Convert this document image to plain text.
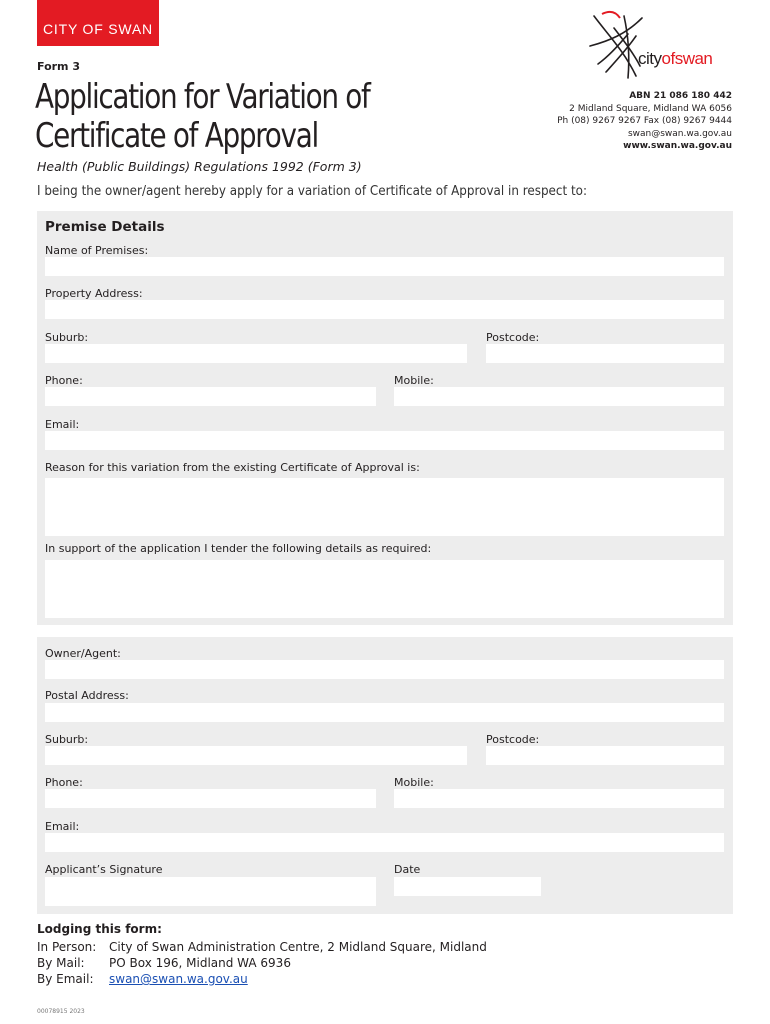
CITY OF SWAN
cityofswan
Form 3
Application for Variation of
Certificate of Approval
Health (Public Buildings) Regulations 1992 (Form 3)
I being the owner/agent hereby apply for a variation of Certificate of Approval in respect to:
ABN 21 086 180 442
2 Midland Square, Midland WA 6056
Ph (08) 9267 9267 Fax (08) 9267 9444
swan@swan.wa.gov.au
www.swan.wa.gov.au
Premise Details
Name of Premises:
Property Address:
Suburb:	Postcode:
Phone:	Mobile:
Email:
Reason for this variation from the existing Certificate of Approval is:
In support of the application I tender the following details as required:
Owner/Agent:
Postal Address:
Suburb:	Postcode:
Phone:	Mobile:
Email:
Applicant’s Signature	Date
Lodging this form:
In Person:	City of Swan Administration Centre, 2 Midland Square, Midland
By Mail:	PO Box 196, Midland WA 6936
By Email:	swan@swan.wa.gov.au
00078915 2023
